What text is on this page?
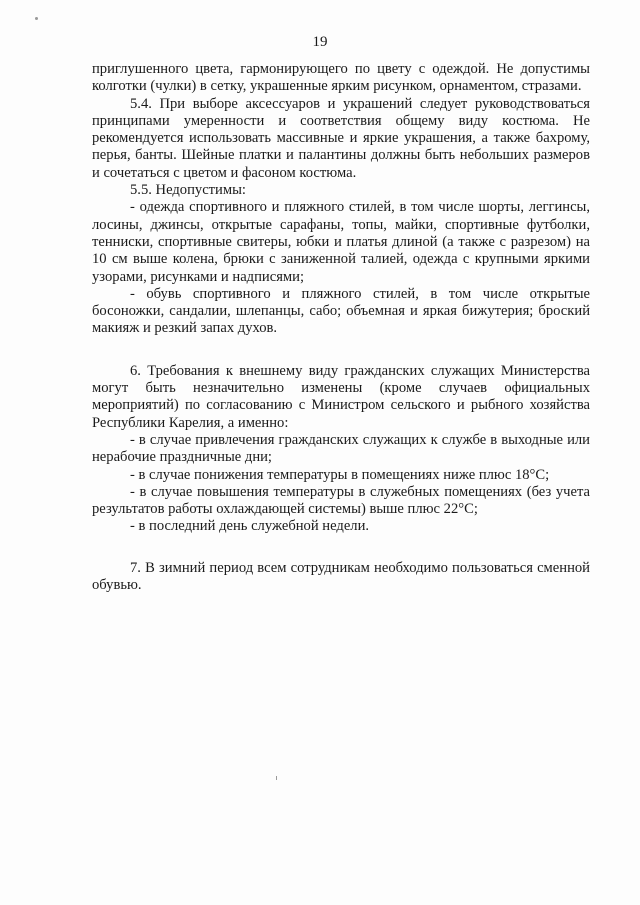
19

приглушенного цвета, гармонирующего по цвету с одеждой. Не допустимы колготки (чулки) в сетку, украшенные ярким рисунком, орнаментом, стразами.

5.4. При выборе аксессуаров и украшений следует руководствоваться принципами умеренности и соответствия общему виду костюма. Не рекомендуется использовать массивные и яркие украшения, а также бахрому, перья, банты. Шейные платки и палантины должны быть небольших размеров и сочетаться с цветом и фасоном костюма.

5.5. Недопустимы:

- одежда спортивного и пляжного стилей, в том числе шорты, леггинсы, лосины, джинсы, открытые сарафаны, топы, майки, спортивные футболки, тенниски, спортивные свитеры, юбки и платья длиной (а также с разрезом) на 10 см выше колена, брюки с заниженной талией, одежда с крупными яркими узорами, рисунками и надписями;

- обувь спортивного и пляжного стилей, в том числе открытые босоножки, сандалии, шлепанцы, сабо; объемная и яркая бижутерия; броский макияж и резкий запах духов.

6. Требования к внешнему виду гражданских служащих Министерства могут быть незначительно изменены (кроме случаев официальных мероприятий) по согласованию с Министром сельского и рыбного хозяйства Республики Карелия, а именно:

- в случае привлечения гражданских служащих к службе в выходные или нерабочие праздничные дни;

- в случае понижения температуры в помещениях ниже плюс 18°С;

- в случае повышения температуры в служебных помещениях (без учета результатов работы охлаждающей системы) выше плюс 22°С;

- в последний день служебной недели.

7. В зимний период всем сотрудникам необходимо пользоваться сменной обувью.
